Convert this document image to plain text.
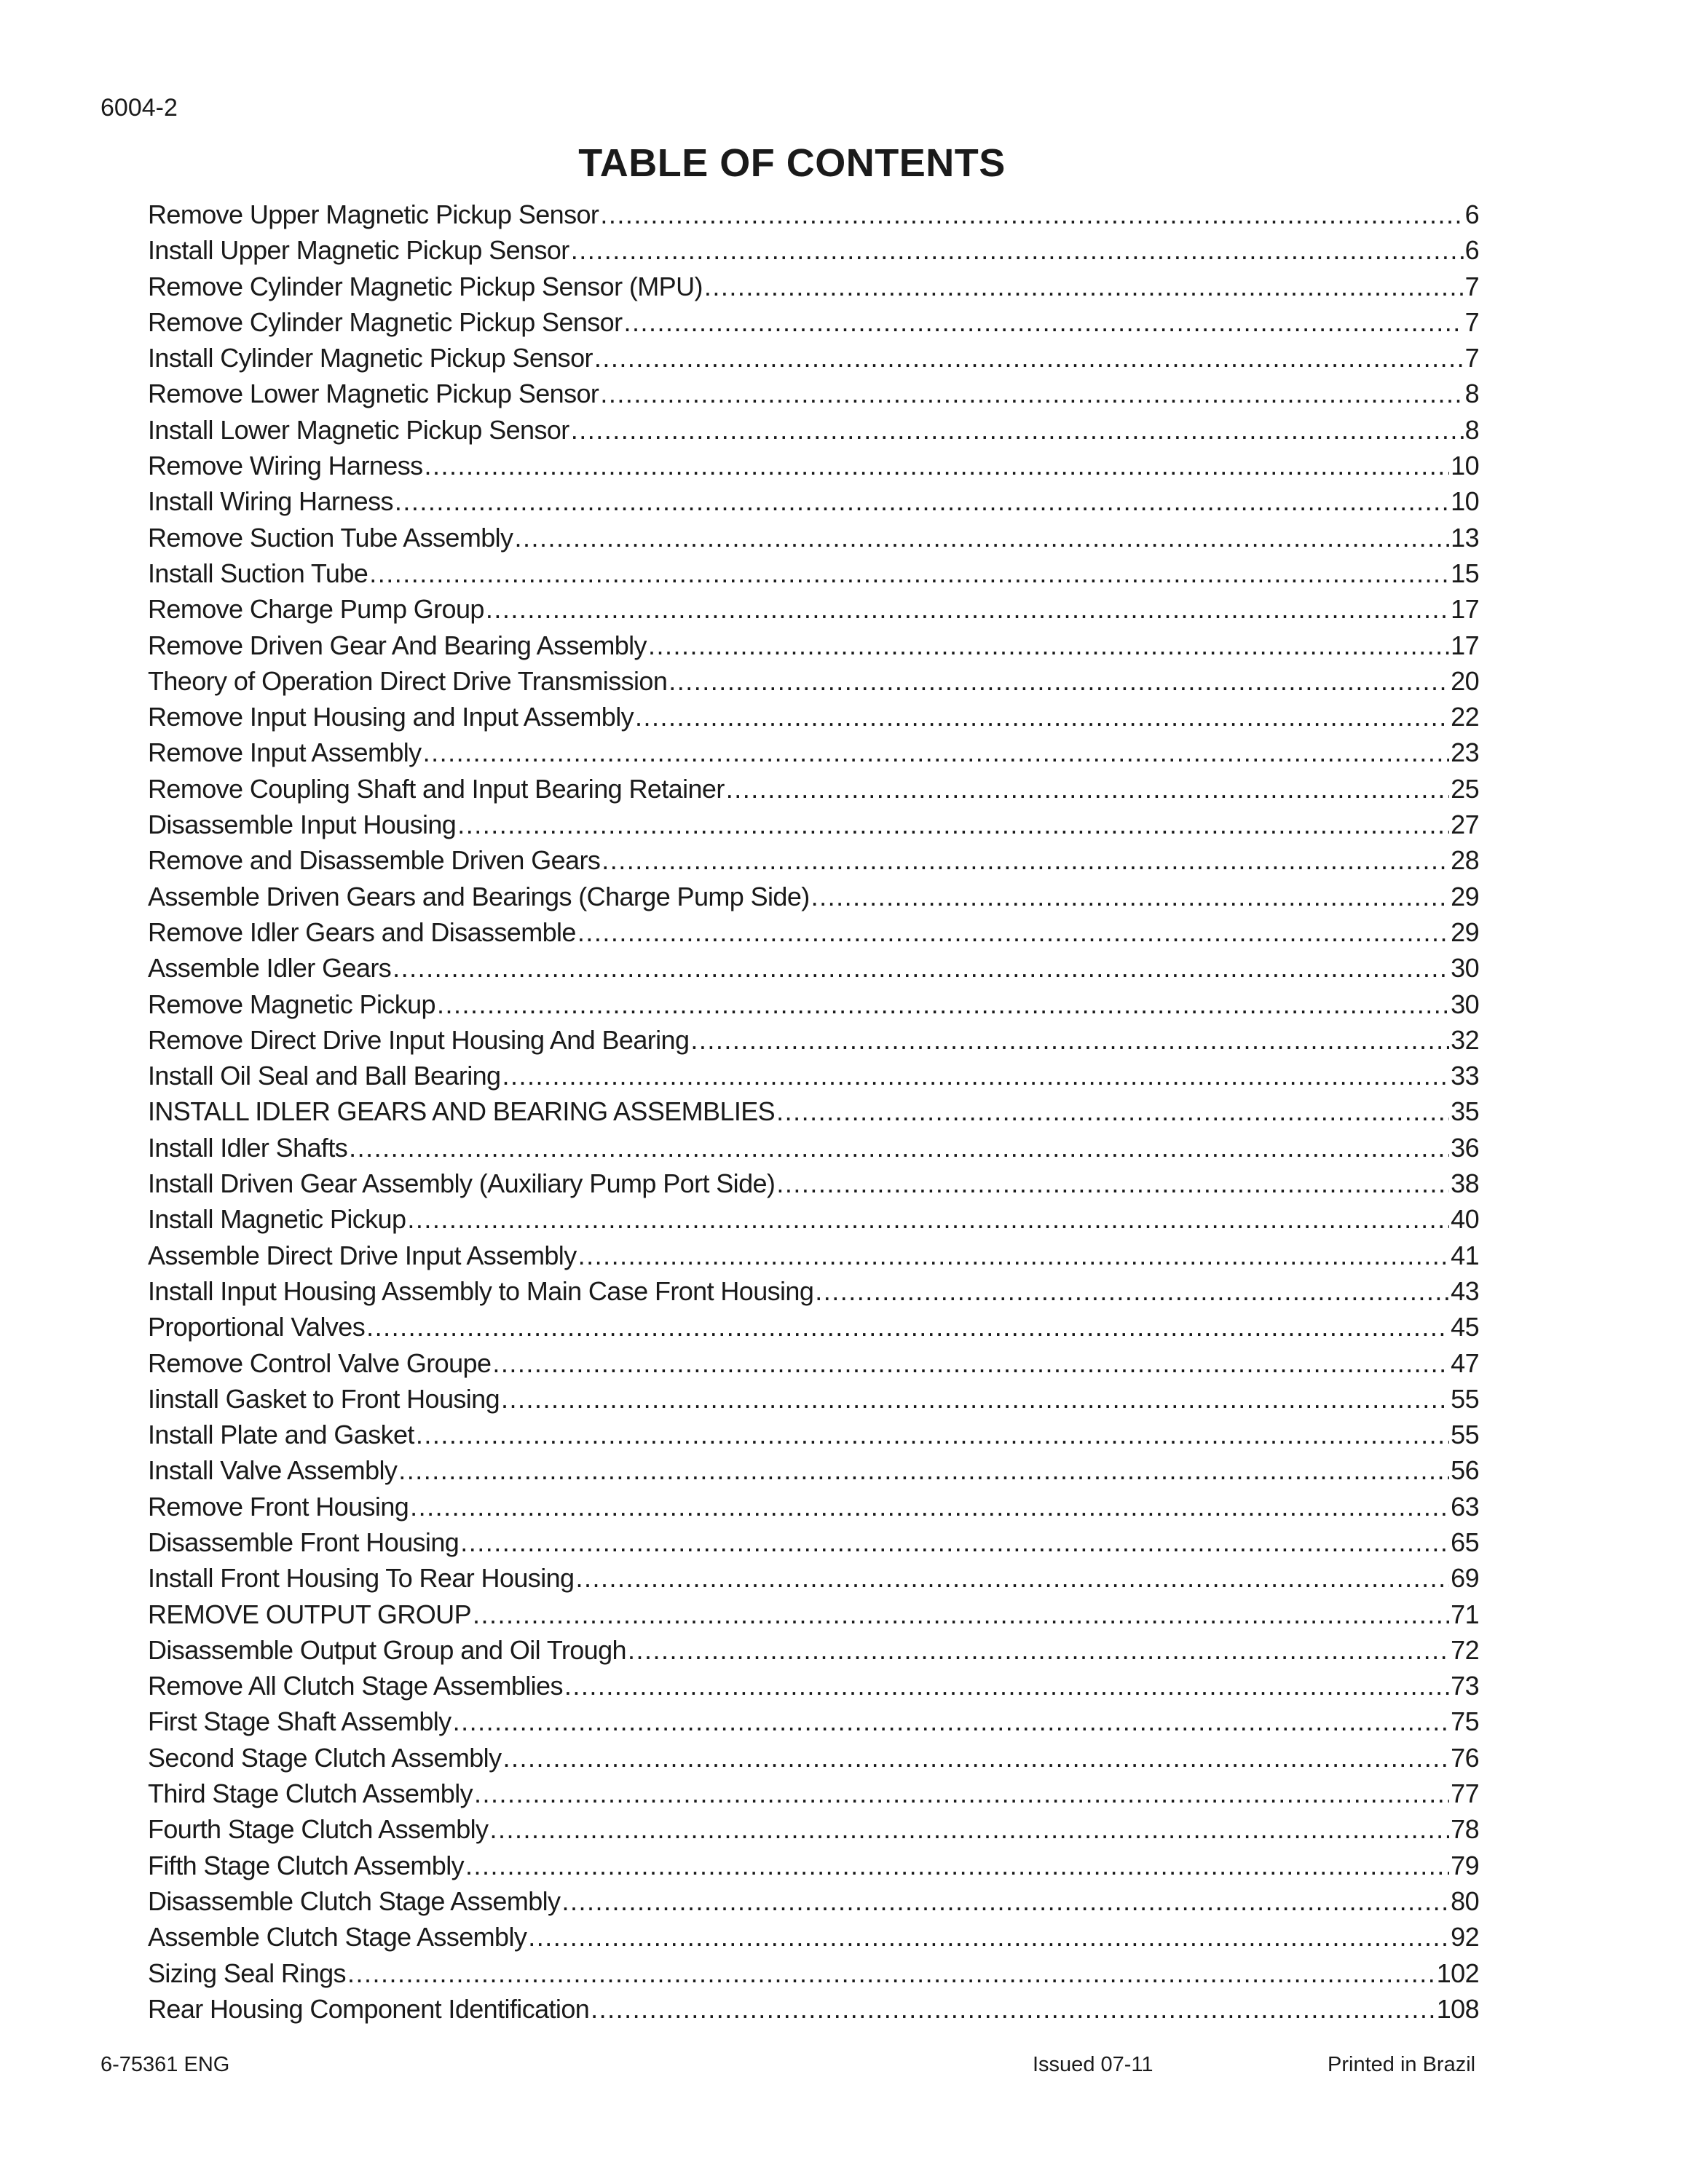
6004-2
TABLE OF CONTENTS
Remove Upper Magnetic Pickup Sensor .....	6
Install Upper Magnetic Pickup Sensor .....	6
Remove Cylinder Magnetic Pickup Sensor (MPU) .....	7
Remove Cylinder Magnetic Pickup Sensor .....	7
Install Cylinder Magnetic Pickup Sensor .....	7
Remove Lower Magnetic Pickup Sensor .....	8
Install Lower Magnetic Pickup Sensor .....	8
Remove Wiring Harness .....	10
Install Wiring Harness .....	10
Remove Suction Tube Assembly .....	13
Install Suction Tube .....	15
Remove Charge Pump Group .....	17
Remove Driven Gear And Bearing Assembly .....	17
Theory of Operation Direct Drive Transmission .....	20
Remove Input Housing and Input Assembly .....	22
Remove Input Assembly .....	23
Remove Coupling Shaft and Input Bearing Retainer .....	25
Disassemble Input Housing .....	27
Remove and Disassemble Driven Gears .....	28
Assemble Driven Gears and Bearings (Charge Pump Side) .....	29
Remove Idler Gears and Disassemble .....	29
Assemble Idler Gears .....	30
Remove Magnetic Pickup .....	30
Remove Direct Drive Input Housing And Bearing .....	32
Install Oil Seal and Ball Bearing .....	33
INSTALL IDLER GEARS AND BEARING ASSEMBLIES .....	35
Install Idler Shafts .....	36
Install Driven Gear Assembly (Auxiliary Pump Port Side) .....	38
Install Magnetic Pickup .....	40
Assemble Direct Drive Input Assembly .....	41
Install Input Housing Assembly to Main Case Front Housing .....	43
Proportional Valves .....	45
Remove Control Valve Groupe .....	47
Iinstall Gasket to Front Housing .....	55
Install Plate and Gasket .....	55
Install Valve Assembly .....	56
Remove Front Housing .....	63
Disassemble Front Housing .....	65
Install Front Housing To Rear Housing .....	69
REMOVE OUTPUT GROUP .....	71
Disassemble Output Group and Oil Trough .....	72
Remove All Clutch Stage Assemblies .....	73
First Stage Shaft Assembly .....	75
Second Stage Clutch Assembly .....	76
Third Stage Clutch Assembly .....	77
Fourth Stage Clutch Assembly .....	78
Fifth Stage Clutch Assembly .....	79
Disassemble Clutch Stage Assembly .....	80
Assemble Clutch Stage Assembly .....	92
Sizing Seal Rings .....	102
Rear Housing Component Identification .....	108
6-75361 ENG	Issued 07-11	Printed in Brazil
